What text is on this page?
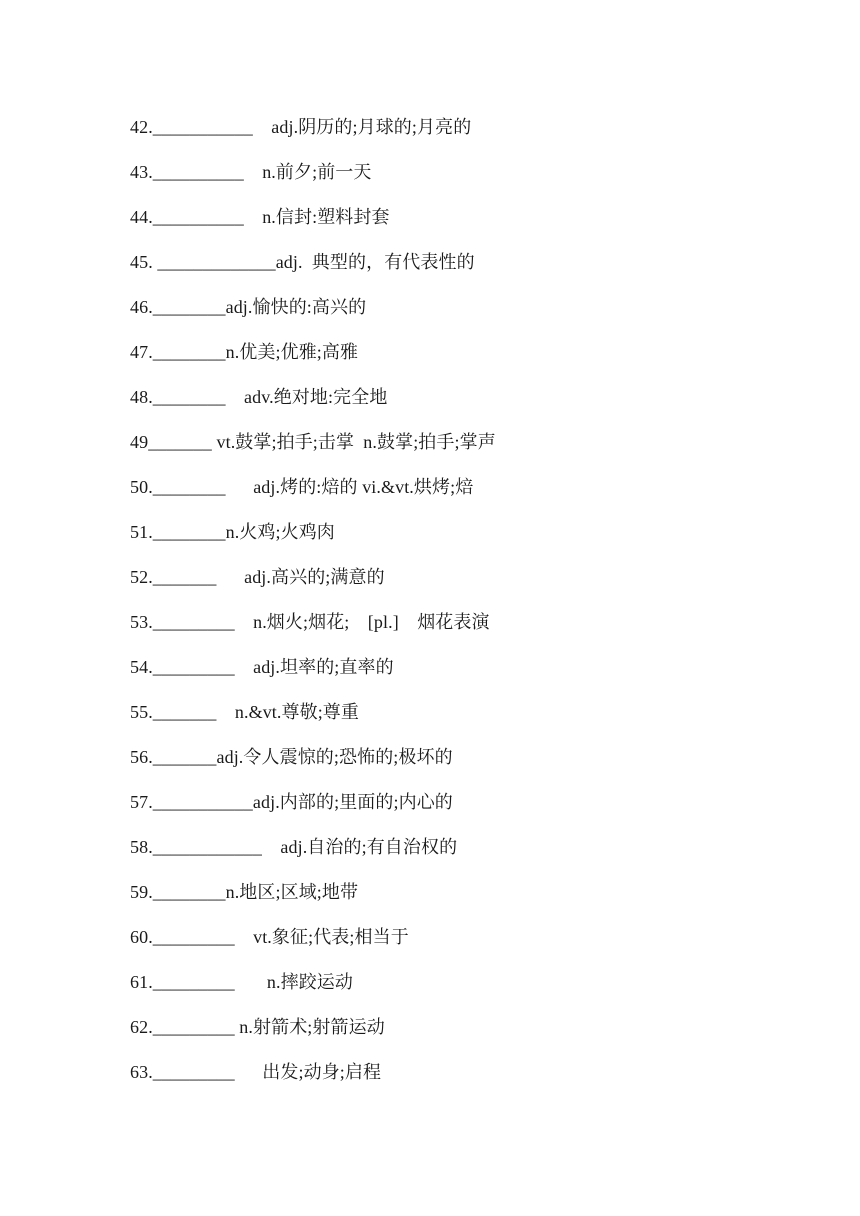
42.___________    adj.阴历的;月球的;月亮的
43.__________    n.前夕;前一天
44.__________    n.信封:塑料封套
45. _____________adj.  典型的，有代表性的
46.________adj.愉快的:高兴的
47.________n.优美;优雅;高雅
48.________    adv.绝对地:完全地
49_______ vt.鼓掌;拍手;击掌  n.鼓掌;拍手;掌声
50.________      adj.烤的:焙的 vi.&vt.烘烤;焙
51.________n.火鸡;火鸡肉
52._______      adj.高兴的;满意的
53._________    n.烟火;烟花;    [pl.]    烟花表演
54._________    adj.坦率的;直率的
55._______    n.&vt.尊敬;尊重
56._______adj.令人震惊的;恐怖的;极坏的
57.___________adj.内部的;里面的;内心的
58.____________    adj.自治的;有自治权的
59.________n.地区;区域;地带
60._________    vt.象征;代表;相当于
61._________       n.摔跤运动
62._________ n.射箭术;射箭运动
63._________      出发;动身;启程
